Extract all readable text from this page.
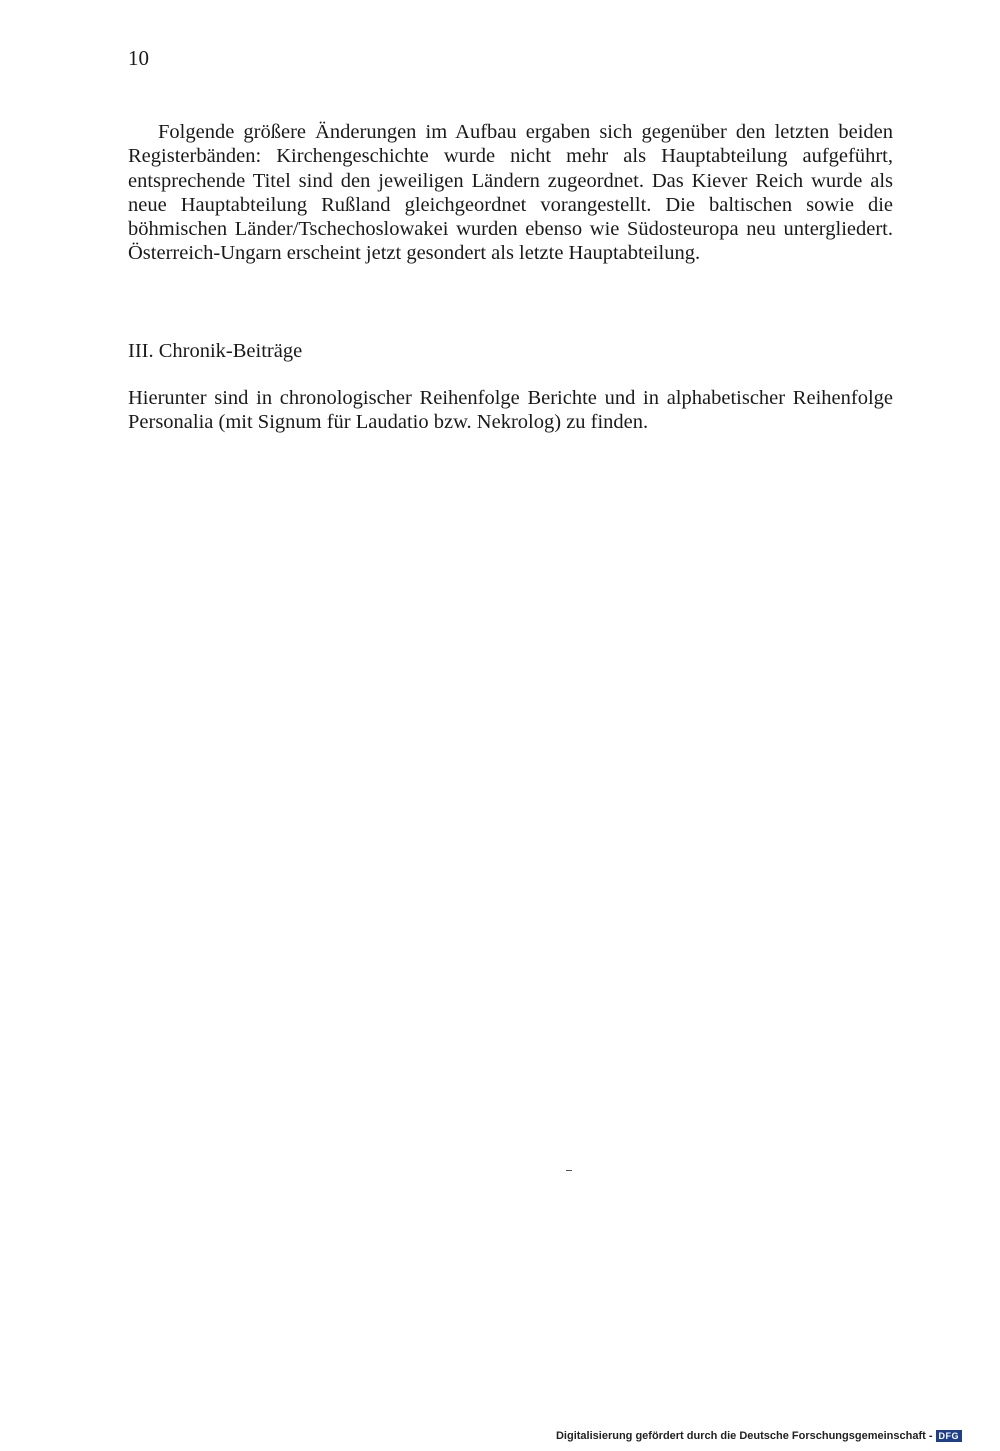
10

Folgende größere Änderungen im Aufbau ergaben sich gegenüber den letzten beiden Registerbänden: Kirchengeschichte wurde nicht mehr als Hauptabteilung aufgeführt, entsprechende Titel sind den jeweiligen Ländern zugeordnet. Das Kiever Reich wurde als neue Hauptabteilung Rußland gleichgeordnet vorangestellt. Die baltischen sowie die böhmischen Länder/Tschechoslowakei wurden ebenso wie Südosteuropa neu untergliedert. Österreich-Ungarn erscheint jetzt gesondert als letzte Hauptabteilung.

III. Chronik-Beiträge

Hierunter sind in chronologischer Reihenfolge Berichte und in alphabetischer Reihenfolge Personalia (mit Signum für Laudatio bzw. Nekrolog) zu finden.

Digitalisierung gefördert durch die Deutsche Forschungsgemeinschaft - DFG
